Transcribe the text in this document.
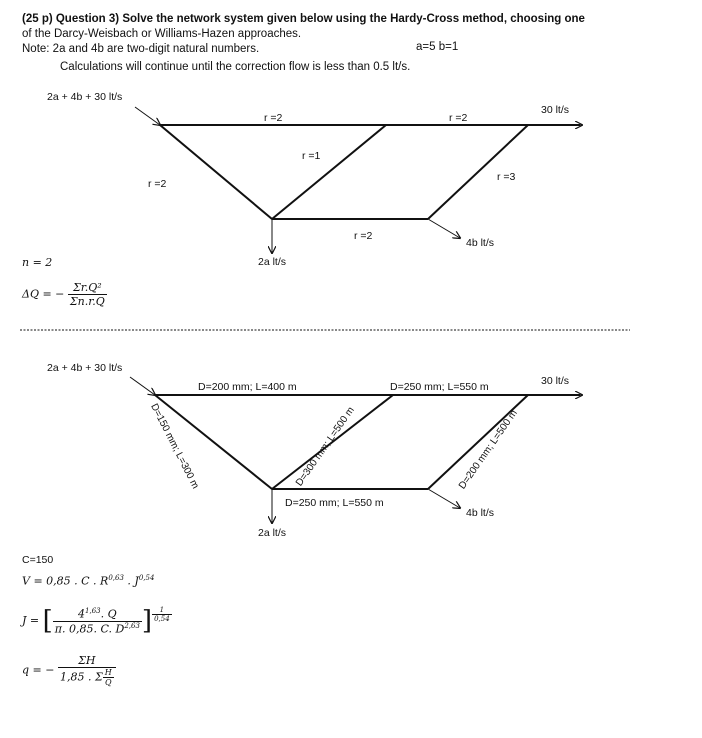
(25 p) Question 3) Solve the network system given below using the Hardy-Cross method, choosing one
of the Darcy-Weisbach or Williams-Hazen approaches.
Note: 2a and 4b are two-digit natural numbers.	a=5 b=1
Calculations will continue until the correction flow is less than 0.5 lt/s.
2a + 4b + 30 lt/s
30 lt/s
r =2	r =2
r =1
r =2
r =3
r =2
2a lt/s
4b lt/s
n = 2
ΔQ = − $\frac{\text{Σr.Q²}}{\Sigma n.r.Q}$
2a + 4b + 30 lt/s
30 lt/s
D=200 mm; L=400 m	D=250 mm; L=550 m
D=150 mm; L=300 m	D=300 mm; L=500 m	D=200 mm; L=500 m
D=250 mm; L=550 m
2a lt/s
4b lt/s
C=150
V = 0,85 . C . R$^{0,63}$ . J$^{0,54}$
J = [ $\frac{4^{1,63}. Q}{\pi. 0,85. C. D^{2,63}}$ ] $\frac{1}{0,54}$
q = − $\frac{\Sigma H}{1,85 . \Sigma \frac{H}{Q}}$
